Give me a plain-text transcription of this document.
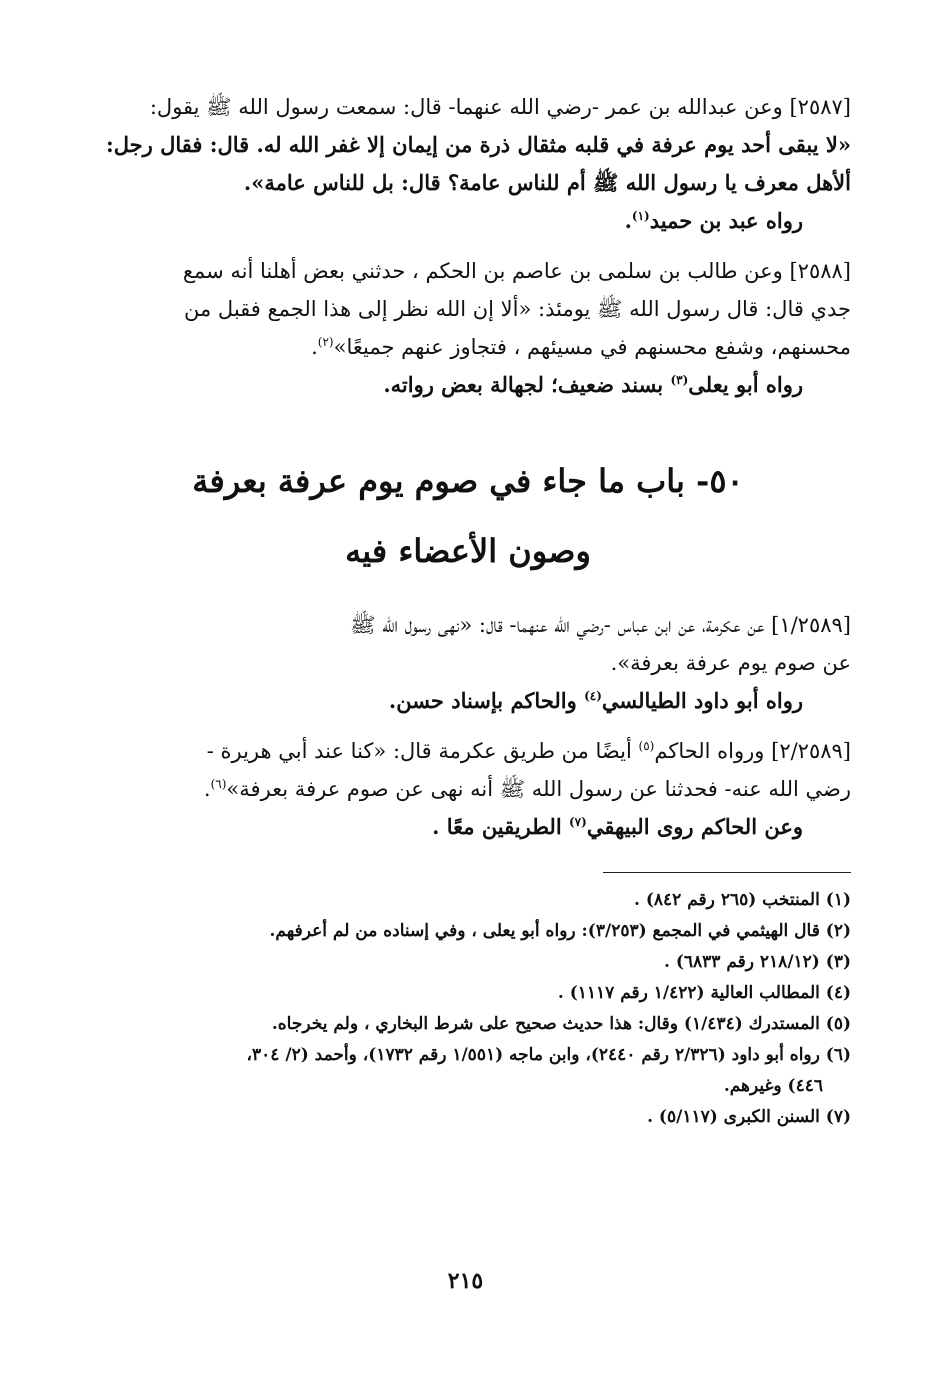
[٢٥٨٧] وعن عبدالله بن عمر -رضي الله عنهما- قال: سمعت رسول الله ﷺ يقول:

«لا يبقى أحد يوم عرفة في قلبه مثقال ذرة من إيمان إلا غفر الله له. قال: فقال رجل:

ألأهل معرف يا رسول الله ﷺ أم للناس عامة؟ قال: بل للناس عامة».

رواه عبد بن حميد$^{(١)}$.

[٢٥٨٨] وعن طالب بن سلمى بن عاصم بن الحكم ، حدثني بعض أهلنا أنه سمع

جدي قال: قال رسول الله ﷺ يومئذ: «ألا إن الله نظر إلى هذا الجمع فقبل من

محسنهم، وشفع محسنهم في مسيئهم ، فتجاوز عنهم جميعًا»$^{(٢)}$.

رواه أبو يعلى$^{(٣)}$ بسند ضعيف؛ لجهالة بعض رواته.

٥٠- باب ما جاء في صوم يوم عرفة بعرفة
وصون الأعضاء فيه

[١/٢٥٨٩] عن عكرمة، عن ابن عباس -رضي الله عنهما- قال: «نهى رسول الله ﷺ

عن صوم يوم عرفة بعرفة».

رواه أبو داود الطيالسي$^{(٤)}$ والحاكم بإسناد حسن.

[٢/٢٥٨٩] ورواه الحاكم$^{(٥)}$ أيضًا من طريق عكرمة قال: «كنا عند أبي هريرة -

رضي الله عنه- فحدثنا عن رسول الله ﷺ أنه نهى عن صوم عرفة بعرفة»$^{(٦)}$.

وعن الحاكم روى البيهقي$^{(٧)}$ الطريقين معًا .

(١) المنتخب (٢٦٥ رقم ٨٤٢) .

(٢) قال الهيثمي في المجمع (٣/٢٥٣): رواه أبو يعلى ، وفي إسناده من لم أعرفهم.

(٣) (٢١٨/١٢ رقم ٦٨٣٣) .

(٤) المطالب العالية (١/٤٢٢ رقم ١١١٧) .

(٥) المستدرك (١/٤٣٤) وقال: هذا حديث صحيح على شرط البخاري ، ولم يخرجاه.

(٦) رواه أبو داود (٢/٣٢٦ رقم ٢٤٤٠)، وابن ماجه (١/٥٥١ رقم ١٧٣٢)، وأحمد (٢/ ٣٠٤،

٤٤٦) وغيرهم.

(٧) السنن الكبرى (٥/١١٧) .

٢١٥
